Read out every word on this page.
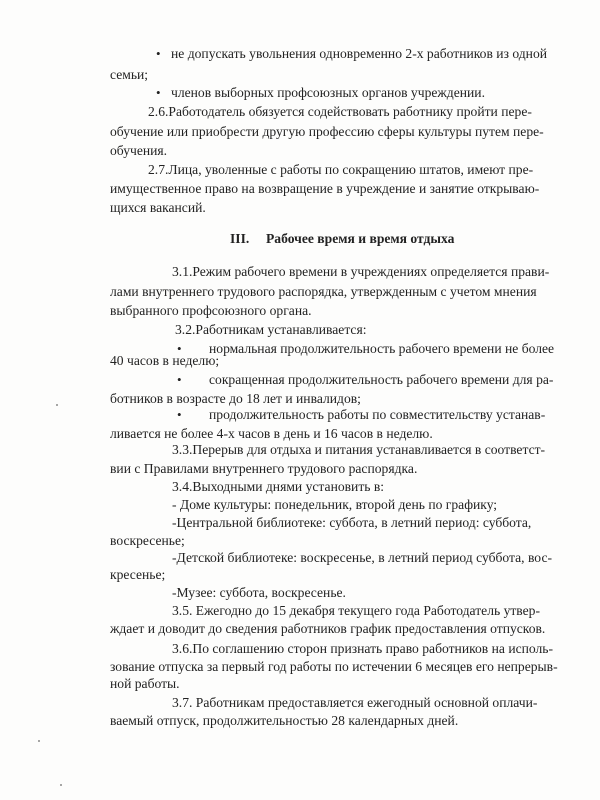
• не допускать увольнения одновременно 2-х работников из одной
семьи;
• членов выборных профсоюзных органов учреждении.
2.6.Работодатель обязуется содействовать работнику пройти пере-
обучение или приобрести другую профессию сферы культуры путем пере-
обучения.
2.7.Лица, уволенные с работы по сокращению штатов, имеют пре-
имущественное право на возвращение в учреждение и занятие открываю-
щихся вакансий.
III. Рабочее время и время отдыха
3.1.Режим рабочего времени в учреждениях определяется прави-
лами внутреннего трудового распорядка, утвержденным с учетом мнения
выбранного профсоюзного органа.
3.2.Работникам устанавливается:
• нормальная продолжительность рабочего времени не более
40 часов в неделю;
• сокращенная продолжительность рабочего времени для ра-
ботников в возрасте до 18 лет и инвалидов;
• продолжительность работы по совместительству устанав-
ливается не более 4-х часов в день и 16 часов в неделю.
3.3.Перерыв для отдыха и питания устанавливается в соответст-
вии с Правилами внутреннего трудового распорядка.
3.4.Выходными днями установить в:
- Доме культуры: понедельник, второй день по графику;
-Центральной библиотеке: суббота, в летний период: суббота,
воскресенье;
-Детской библиотеке: воскресенье, в летний период суббота, вос-
кресенье;
-Музее: суббота, воскресенье.
3.5. Ежегодно до 15 декабря текущего года Работодатель утвер-
ждает и доводит до сведения работников график предоставления отпусков.
3.6.По соглашению сторон признать право работников на исполь-
зование отпуска за первый год работы по истечении 6 месяцев его непрерыв-
ной работы.
3.7. Работникам предоставляется ежегодный основной оплачи-
ваемый отпуск, продолжительностью 28 календарных дней.
